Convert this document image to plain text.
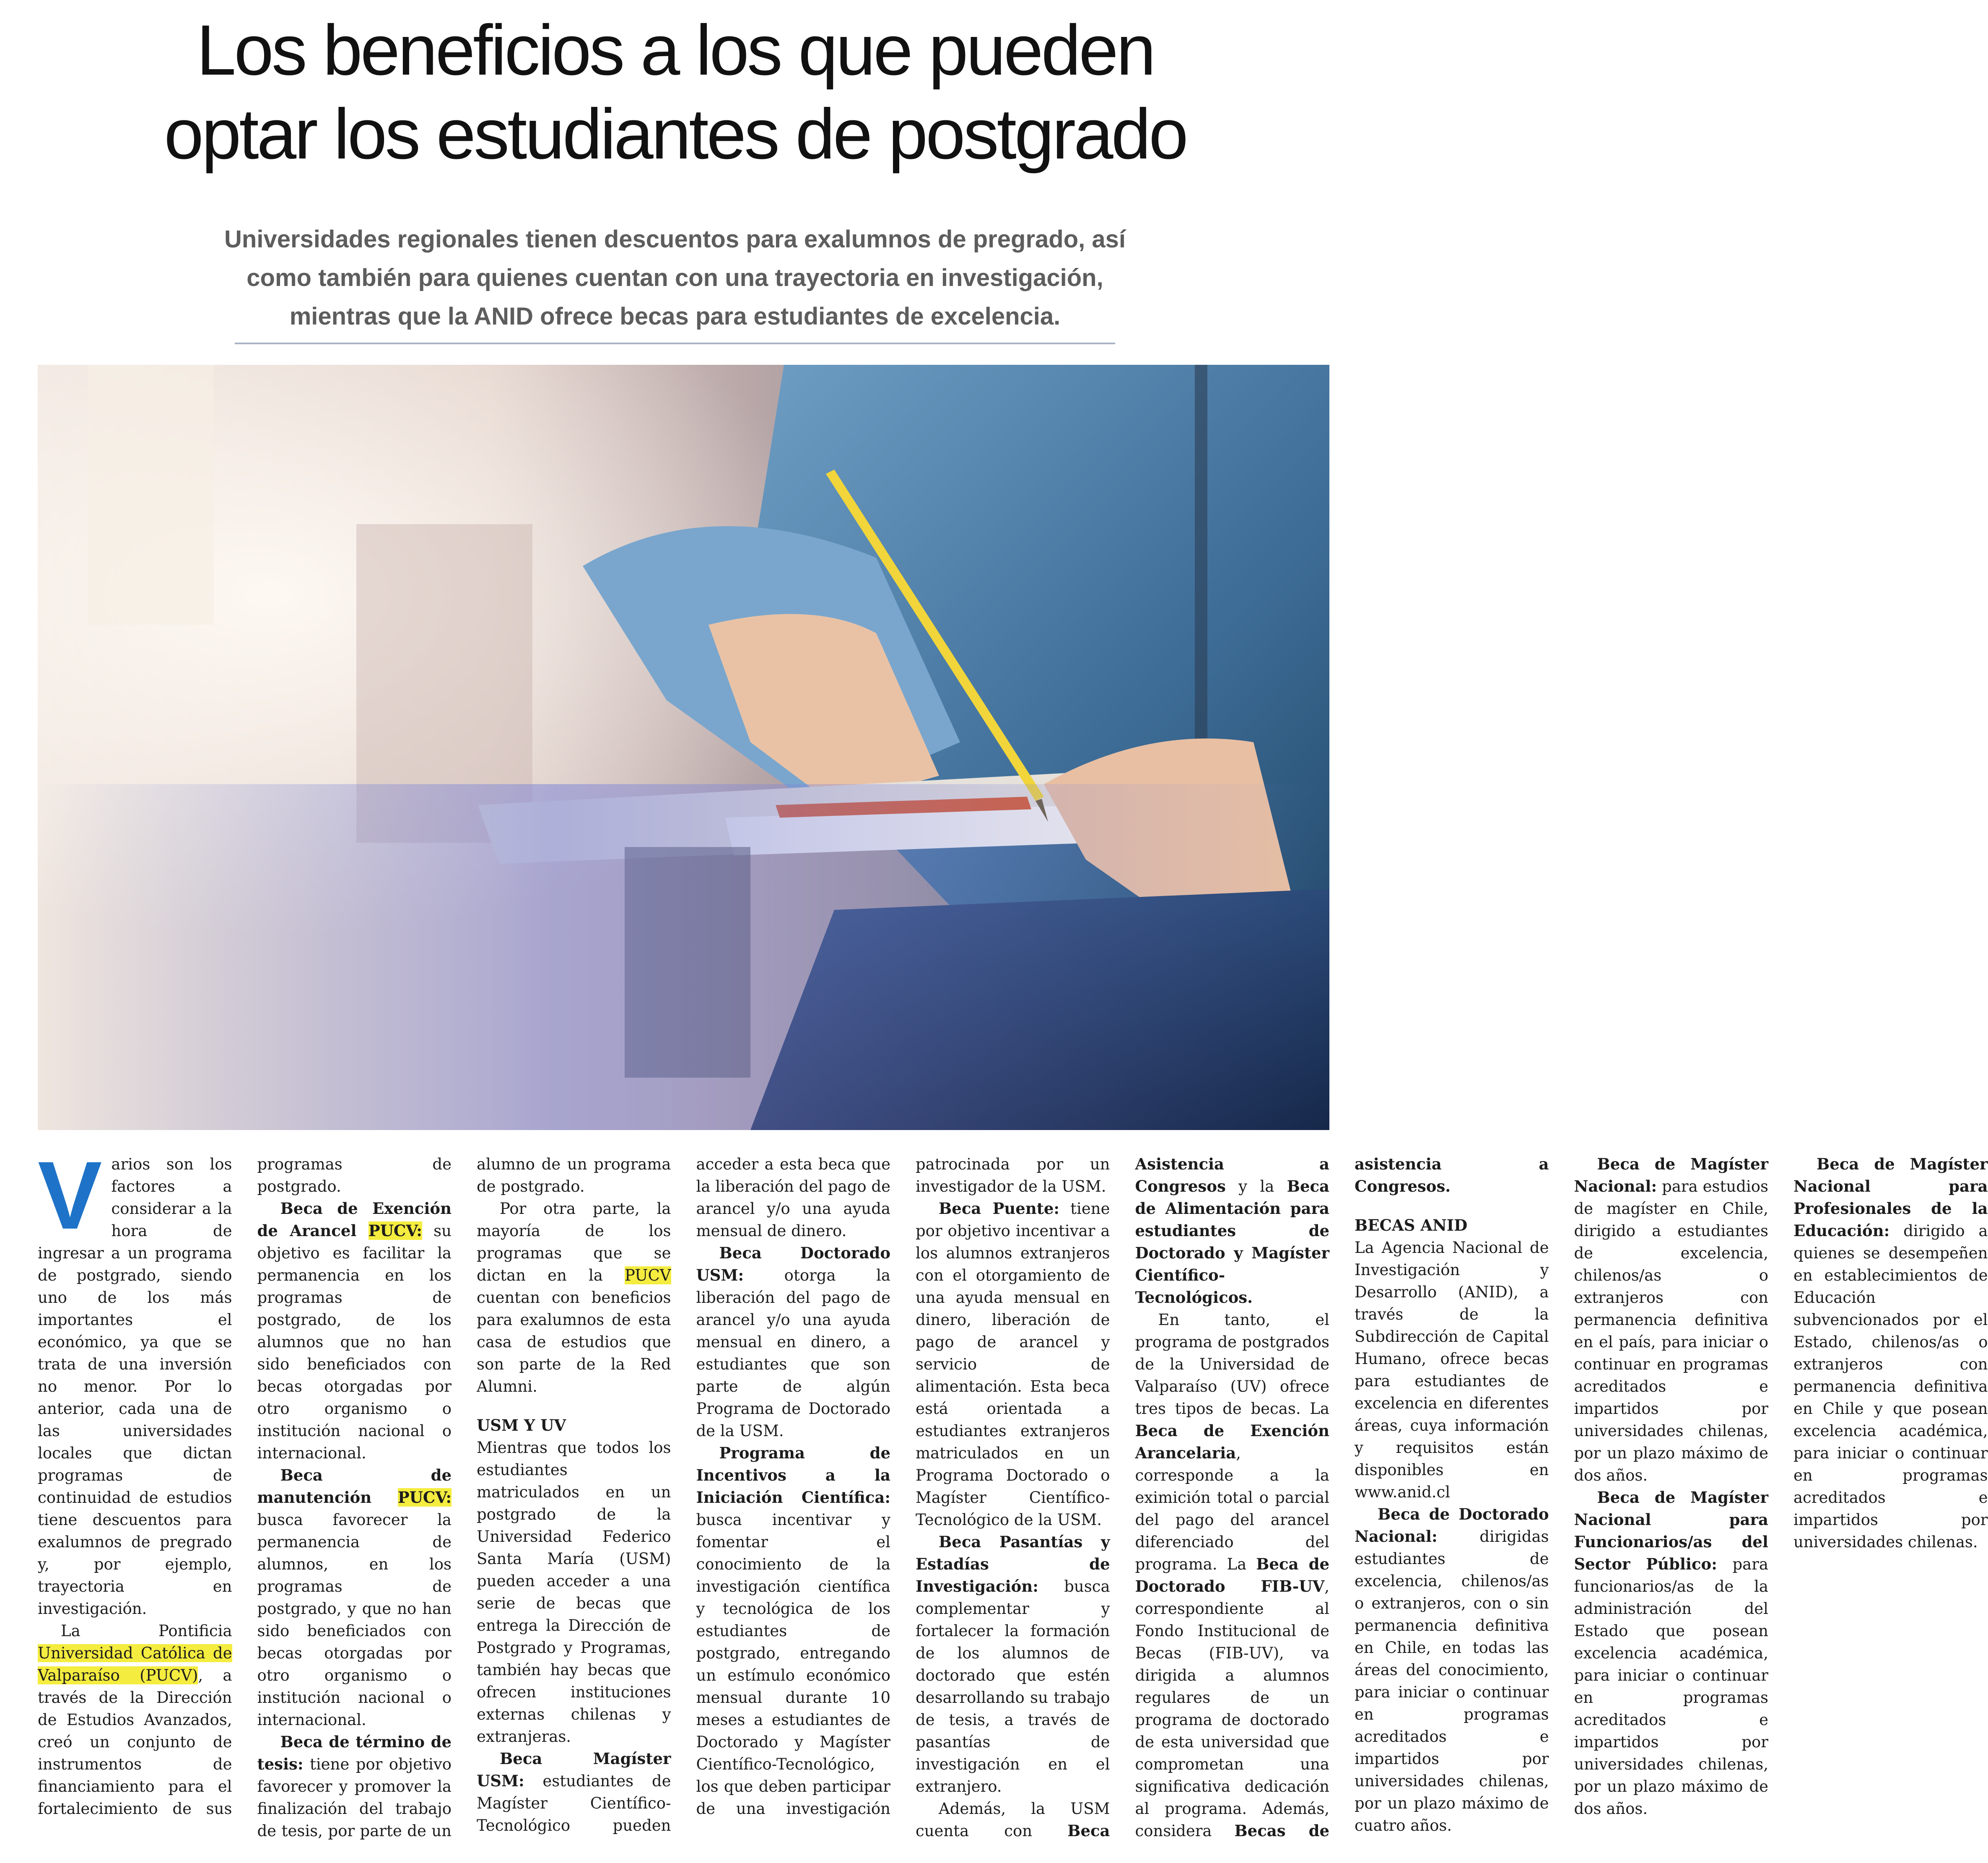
Los beneficios a los que pueden
optar los estudiantes de postgrado
Universidades regionales tienen descuentos para exalumnos de pregrado, así
como también para quienes cuentan con una trayectoria en investigación,
mientras que la ANID ofrece becas para estudiantes de excelencia.

Varios son los factores a considerar a la hora de ingresar a un programa de postgrado, siendo uno de los más importantes el económico, ya que se trata de una inversión no menor. Por lo anterior, cada una de las universidades locales que dictan programas de continuidad de estudios tiene descuentos para exalumnos de pregrado y, por ejemplo, trayectoria en investigación.

La Pontificia Universidad Católica de Valparaíso (PUCV), a través de la Dirección de Estudios Avanzados, creó un conjunto de instrumentos de financiamiento para el fortalecimiento de sus programas de postgrado.

Beca de Exención de Arancel PUCV: su objetivo es facilitar la permanencia en los programas de postgrado, de los alumnos que no han sido beneficiados con becas otorgadas por otro organismo o institución nacional o internacional.

Beca de manutención PUCV: busca favorecer la permanencia de alumnos, en los programas de postgrado, y que no han sido beneficiados con becas otorgadas por otro organismo o institución nacional o internacional.

Beca de término de tesis: tiene por objetivo favorecer y promover la finalización del trabajo de tesis, por parte de un alumno de un programa de postgrado.

Por otra parte, la mayoría de los programas que se dictan en la PUCV cuentan con beneficios para exalumnos de esta casa de estudios que son parte de la Red Alumni.

USM Y UV

Mientras que todos los estudiantes matriculados en un postgrado de la Universidad Federico Santa María (USM) pueden acceder a una serie de becas que entrega la Dirección de Postgrado y Programas, también hay becas que ofrecen instituciones externas chilenas y extranjeras.

Beca Magíster USM: estudiantes de Magíster Científico-Tecnológico pueden acceder a esta beca que la liberación del pago de arancel y/o una ayuda mensual de dinero.

Beca Doctorado USM: otorga la liberación del pago de arancel y/o una ayuda mensual en dinero, a estudiantes que son parte de algún Programa de Doctorado de la USM.

Programa de Incentivos a la Iniciación Científica: busca incentivar y fomentar el conocimiento de la investigación científica y tecnológica de los estudiantes de postgrado, entregando un estímulo económico mensual durante 10 meses a estudiantes de Doctorado y Magíster Científico-Tecnológico, los que deben participar de una investigación patrocinada por un investigador de la USM.

Beca Puente: tiene por objetivo incentivar a los alumnos extranjeros con el otorgamiento de una ayuda mensual en dinero, liberación de pago de arancel y servicio de alimentación. Esta beca está orientada a estudiantes extranjeros matriculados en un Programa Doctorado o Magíster Científico-Tecnológico de la USM.

Beca Pasantías y Estadías de Investigación: busca complementar y fortalecer la formación de los alumnos de doctorado que estén desarrollando su trabajo de tesis, a través de pasantías de investigación en el extranjero.

Además, la USM cuenta con Beca Asistencia a Congresos y la Beca de Alimentación para estudiantes de Doctorado y Magíster Científico-Tecnológicos.

En tanto, el programa de postgrados de la Universidad de Valparaíso (UV) ofrece tres tipos de becas. La Beca de Exención Arancelaria, corresponde a la eximición total o parcial del pago del arancel diferenciado del programa. La Beca de Doctorado FIB-UV, correspondiente al Fondo Institucional de Becas (FIB-UV), va dirigida a alumnos regulares de un programa de doctorado de esta universidad que comprometan una significativa dedicación al programa. Además, considera Becas de asistencia a Congresos.

BECAS ANID

La Agencia Nacional de Investigación y Desarrollo (ANID), a través de la Subdirección de Capital Humano, ofrece becas para estudiantes de excelencia en diferentes áreas, cuya información y requisitos están disponibles en www.anid.cl

Beca de Doctorado Nacional: dirigidas estudiantes de excelencia, chilenos/as o extranjeros, con o sin permanencia definitiva en Chile, en todas las áreas del conocimiento, para iniciar o continuar en programas acreditados e impartidos por universidades chilenas, por un plazo máximo de cuatro años.

Beca de Magíster Nacional: para estudios de magíster en Chile, dirigido a estudiantes de excelencia, chilenos/as o extranjeros con permanencia definitiva en el país, para iniciar o continuar en programas acreditados e impartidos por universidades chilenas, por un plazo máximo de dos años.

Beca de Magíster Nacional para Funcionarios/as del Sector Público: para funcionarios/as de la administración del Estado que posean excelencia académica, para iniciar o continuar en programas acreditados e impartidos por universidades chilenas, por un plazo máximo de dos años.

Beca de Magíster Nacional para Profesionales de la Educación: dirigido a quienes se desempeñen en establecimientos de Educación subvencionados por el Estado, chilenos/as o extranjeros con permanencia definitiva en Chile y que posean excelencia académica, para iniciar o continuar en programas acreditados e impartidos por universidades chilenas.
